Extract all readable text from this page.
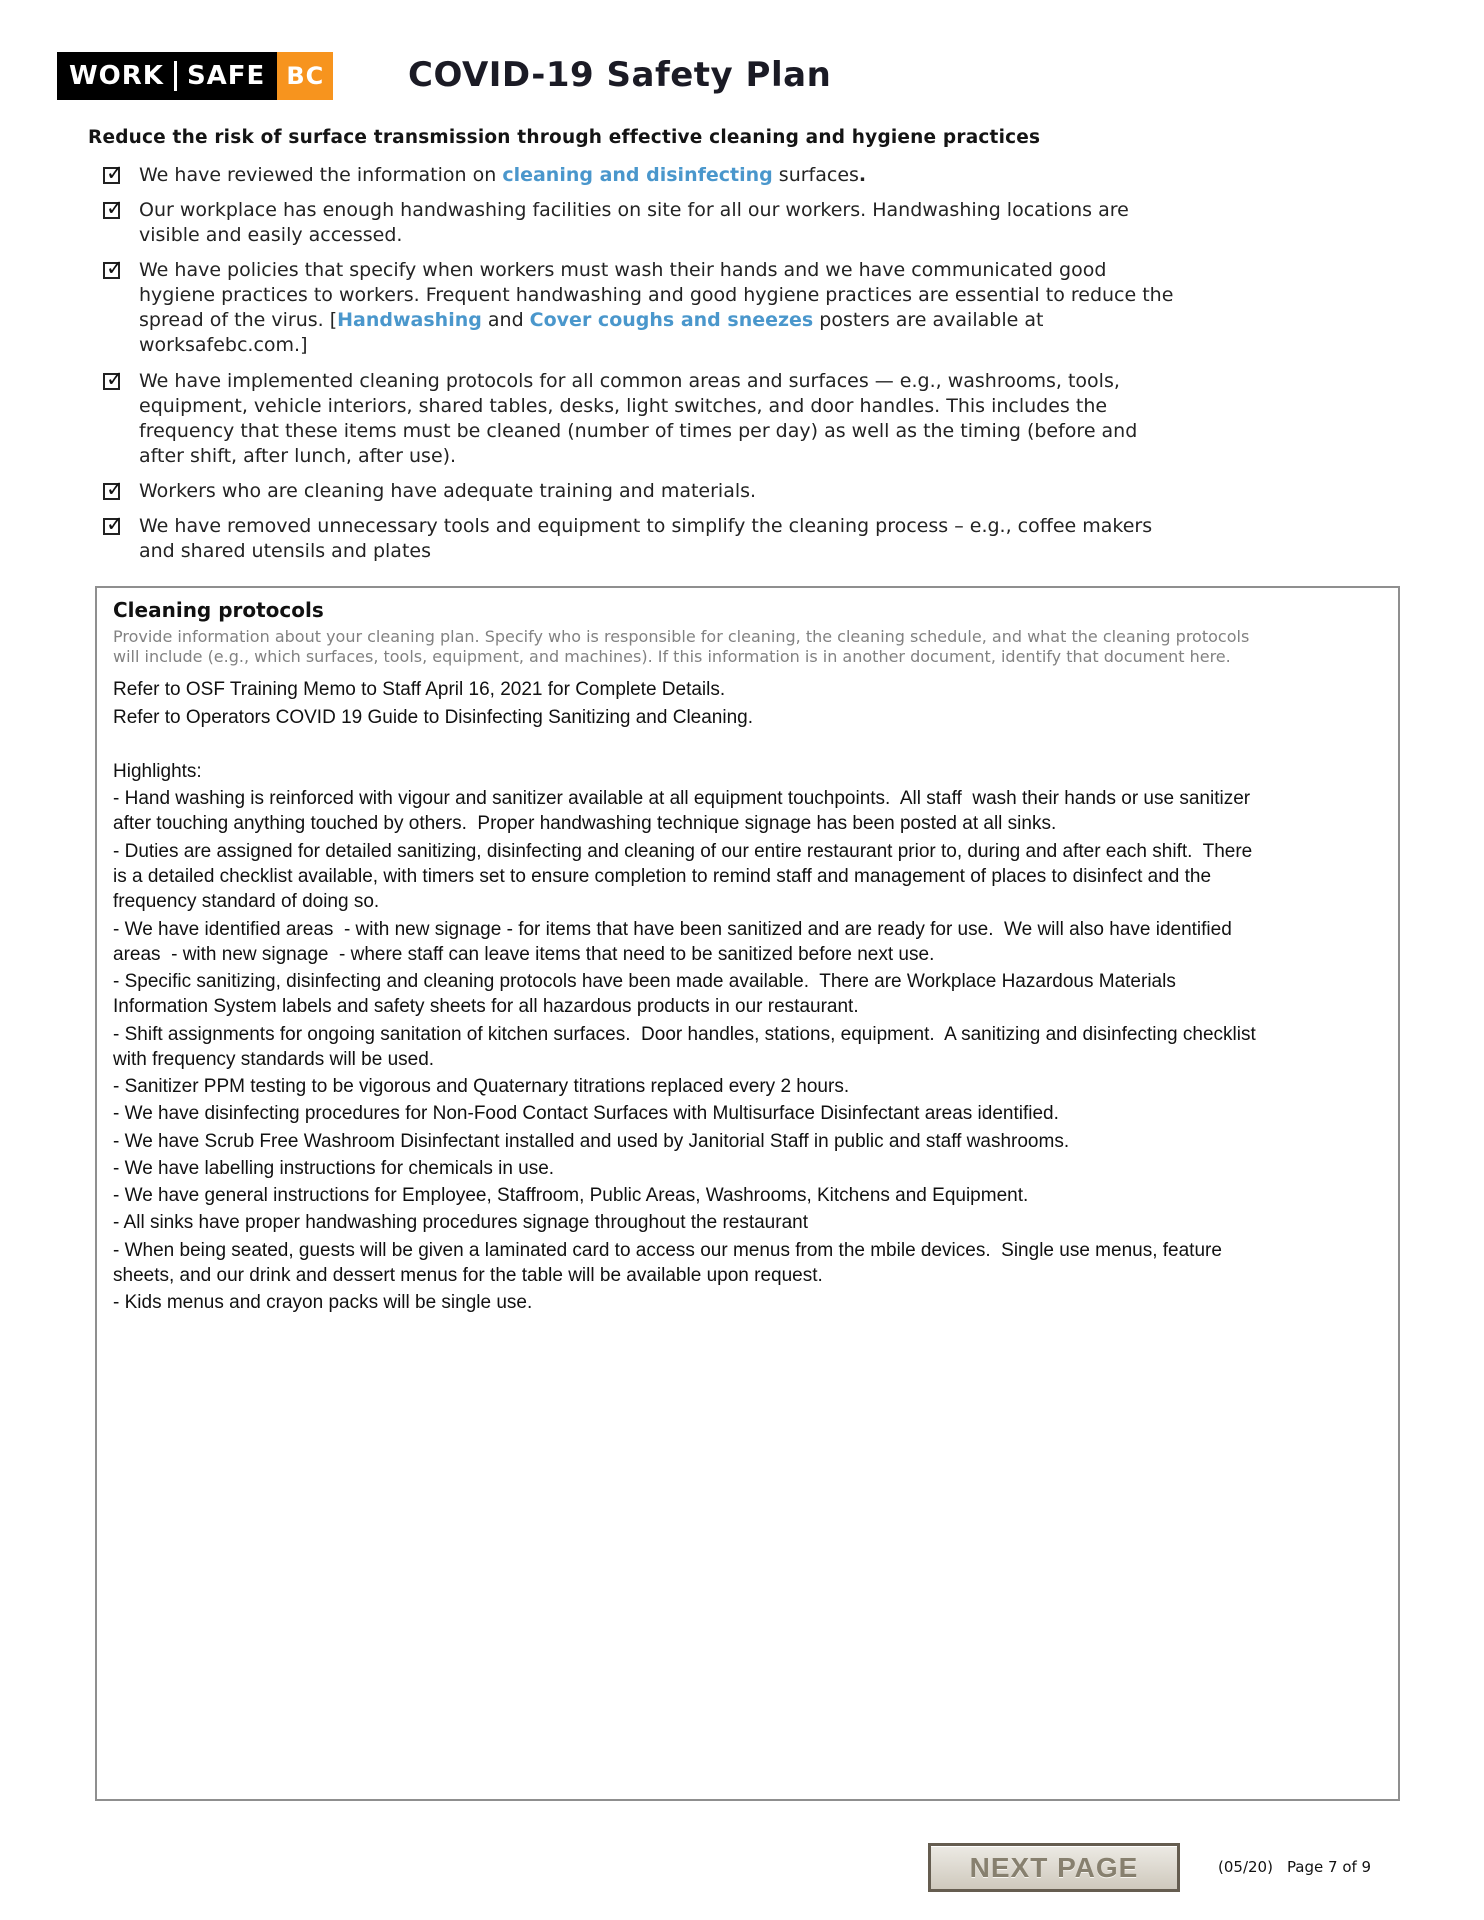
WORK SAFE BC COVID-19 Safety Plan
Reduce the risk of surface transmission through effective cleaning and hygiene practices
✓ We have reviewed the information on cleaning and disinfecting surfaces.
✓ Our workplace has enough handwashing facilities on site for all our workers. Handwashing locations are visible and easily accessed.
✓ We have policies that specify when workers must wash their hands and we have communicated good hygiene practices to workers. Frequent handwashing and good hygiene practices are essential to reduce the spread of the virus. [Handwashing and Cover coughs and sneezes posters are available at worksafebc.com.]
✓ We have implemented cleaning protocols for all common areas and surfaces — e.g., washrooms, tools, equipment, vehicle interiors, shared tables, desks, light switches, and door handles. This includes the frequency that these items must be cleaned (number of times per day) as well as the timing (before and after shift, after lunch, after use).
✓ Workers who are cleaning have adequate training and materials.
✓ We have removed unnecessary tools and equipment to simplify the cleaning process – e.g., coffee makers and shared utensils and plates
Cleaning protocols
Provide information about your cleaning plan. Specify who is responsible for cleaning, the cleaning schedule, and what the cleaning protocols will include (e.g., which surfaces, tools, equipment, and machines). If this information is in another document, identify that document here.
Refer to OSF Training Memo to Staff April 16, 2021 for Complete Details.
Refer to Operators COVID 19 Guide to Disinfecting Sanitizing and Cleaning.
Highlights:
- Hand washing is reinforced with vigour and sanitizer available at all equipment touchpoints.  All staff  wash their hands or use sanitizer after touching anything touched by others.  Proper handwashing technique signage has been posted at all sinks.
- Duties are assigned for detailed sanitizing, disinfecting and cleaning of our entire restaurant prior to, during and after each shift.  There is a detailed checklist available, with timers set to ensure completion to remind staff and management of places to disinfect and the frequency standard of doing so.
- We have identified areas  - with new signage - for items that have been sanitized and are ready for use.  We will also have identified areas  - with new signage  - where staff can leave items that need to be sanitized before next use.
- Specific sanitizing, disinfecting and cleaning protocols have been made available.  There are Workplace Hazardous Materials Information System labels and safety sheets for all hazardous products in our restaurant.
- Shift assignments for ongoing sanitation of kitchen surfaces.  Door handles, stations, equipment.  A sanitizing and disinfecting checklist with frequency standards will be used.
- Sanitizer PPM testing to be vigorous and Quaternary titrations replaced every 2 hours.
- We have disinfecting procedures for Non-Food Contact Surfaces with Multisurface Disinfectant areas identified.
- We have Scrub Free Washroom Disinfectant installed and used by Janitorial Staff in public and staff washrooms.
- We have labelling instructions for chemicals in use.
- We have general instructions for Employee, Staffroom, Public Areas, Washrooms, Kitchens and Equipment.
- All sinks have proper handwashing procedures signage throughout the restaurant
- When being seated, guests will be given a laminated card to access our menus from the mbile devices.  Single use menus, feature sheets, and our drink and dessert menus for the table will be available upon request.
- Kids menus and crayon packs will be single use.
NEXT PAGE	(05/20) Page 7 of 9
